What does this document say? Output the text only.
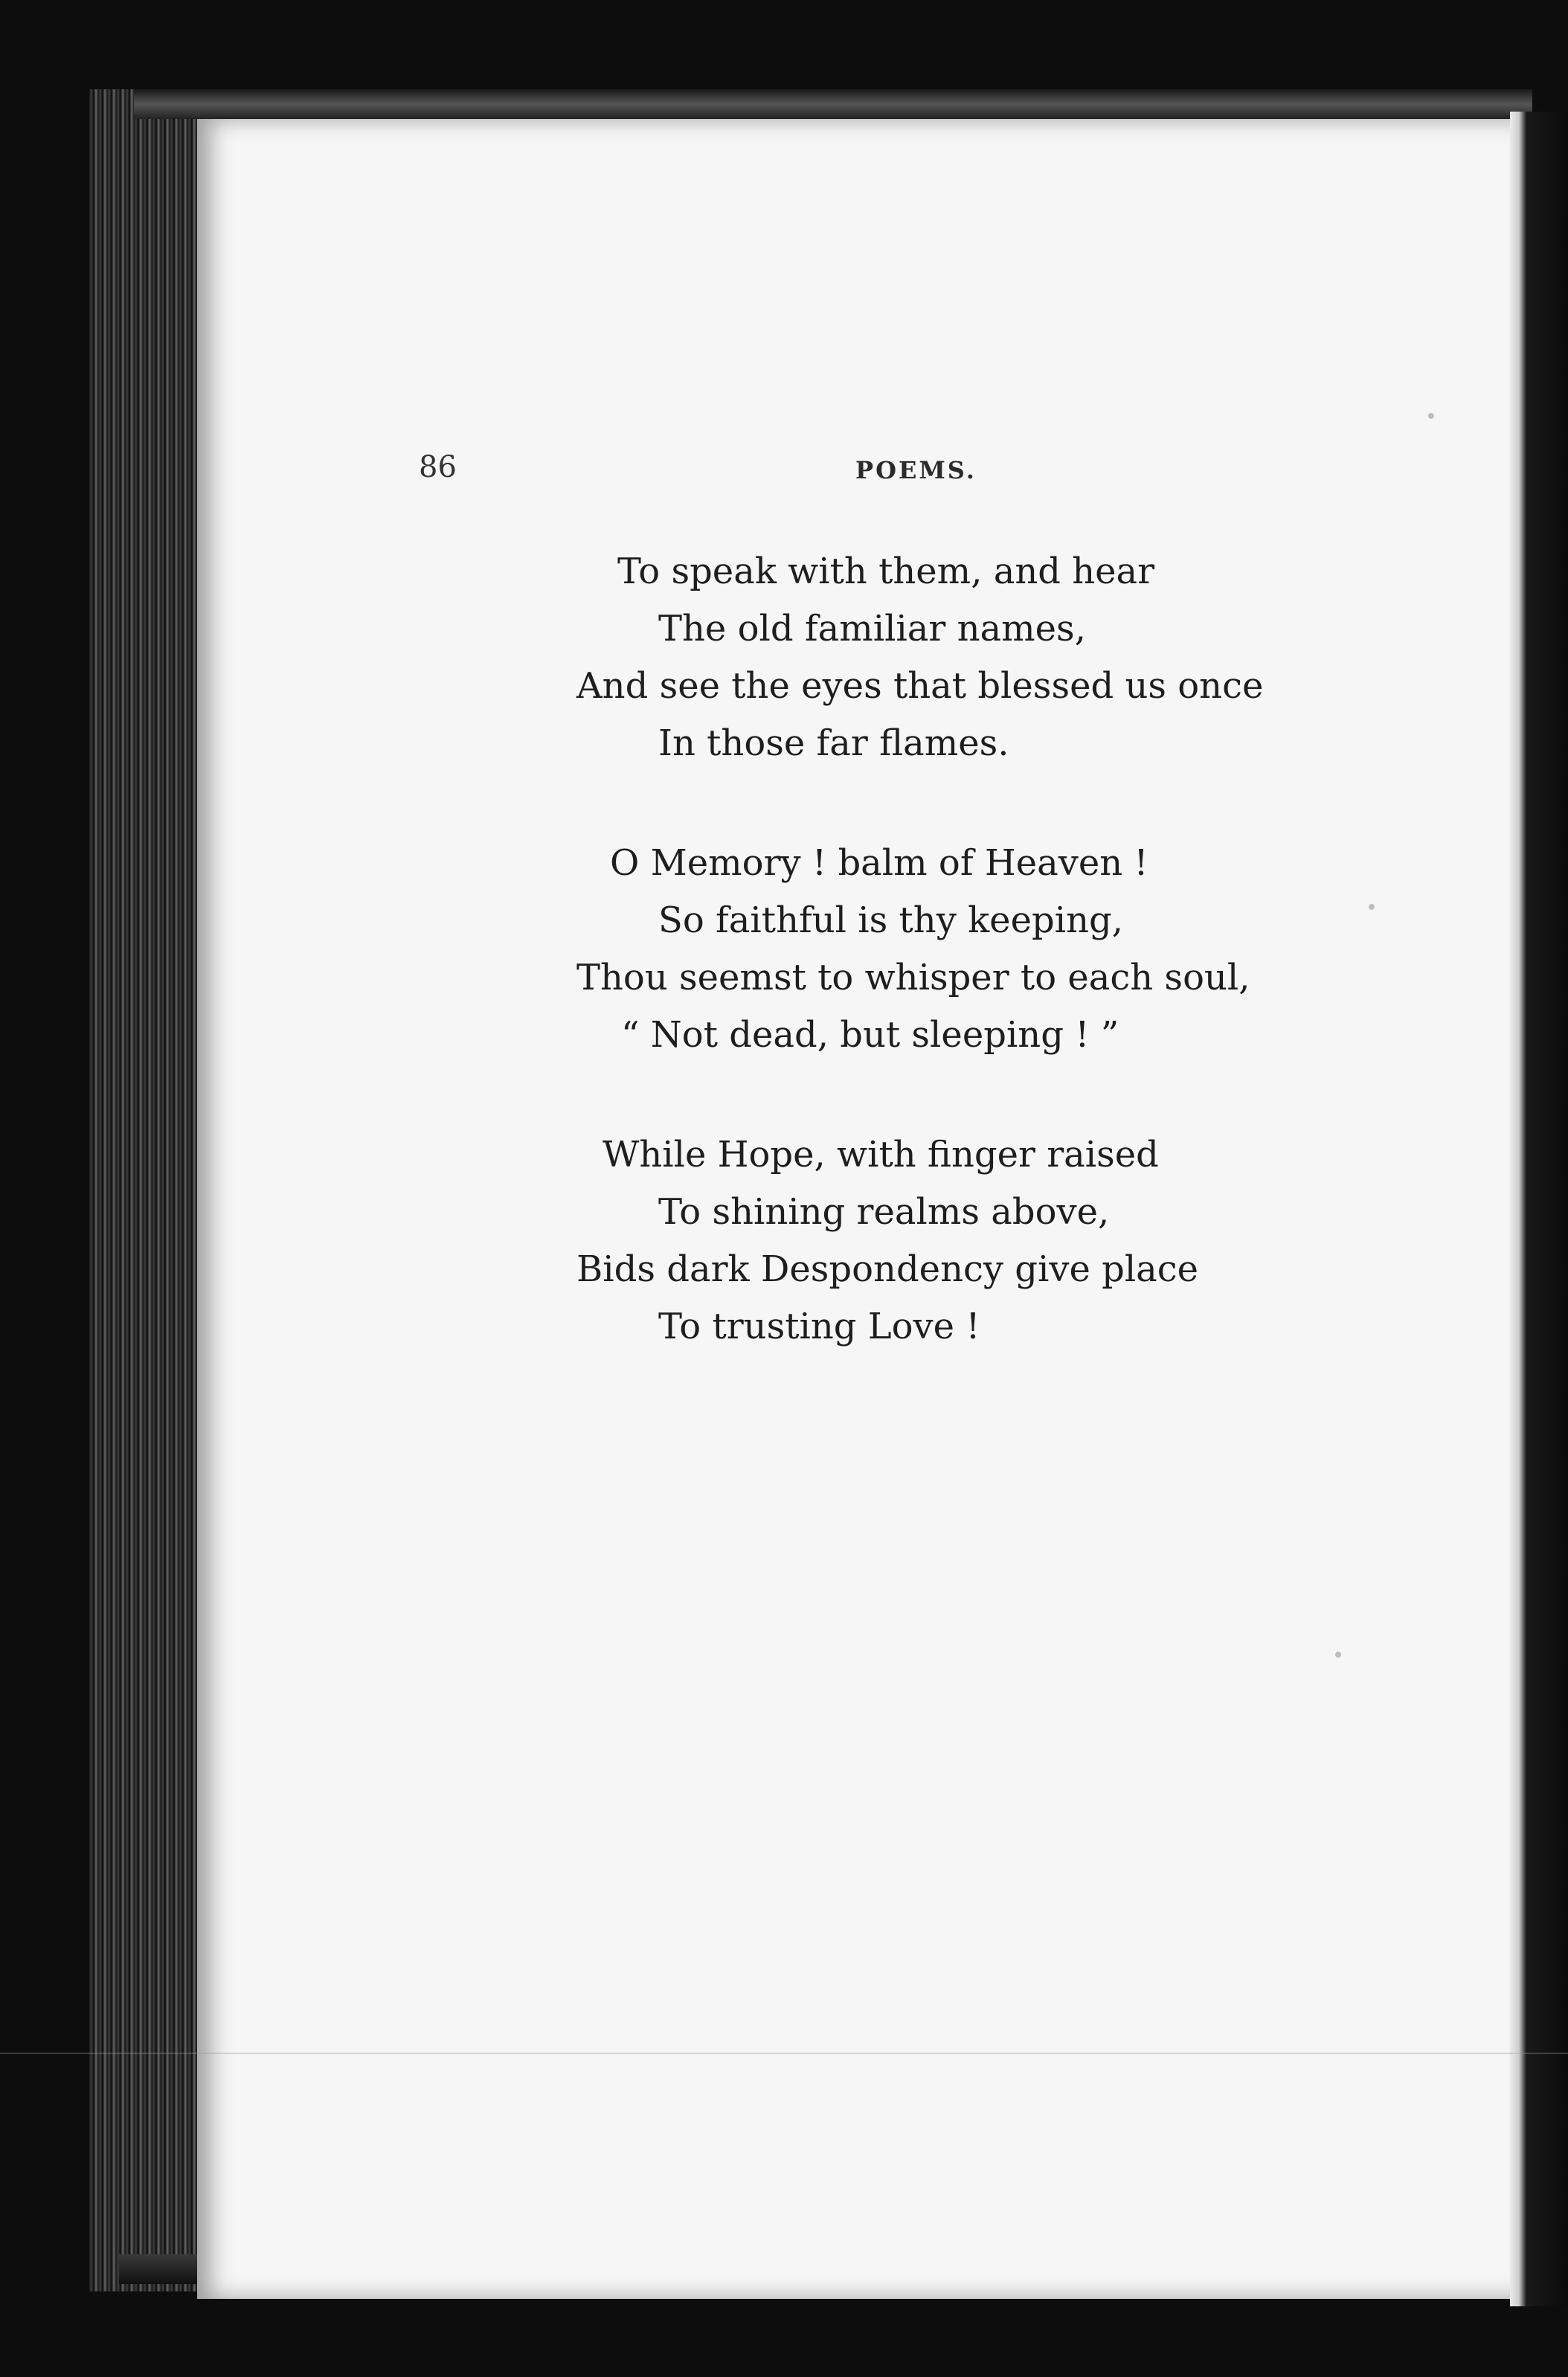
86	POEMS.
To speak with them, and hear
The old familiar names,
And see the eyes that blessed us once
In those far flames.
O Memory ! balm of Heaven !
So faithful is thy keeping,
Thou seemst to whisper to each soul,
“ Not dead, but sleeping ! ”
While Hope, with finger raised
To shining realms above,
Bids dark Despondency give place
To trusting Love !
